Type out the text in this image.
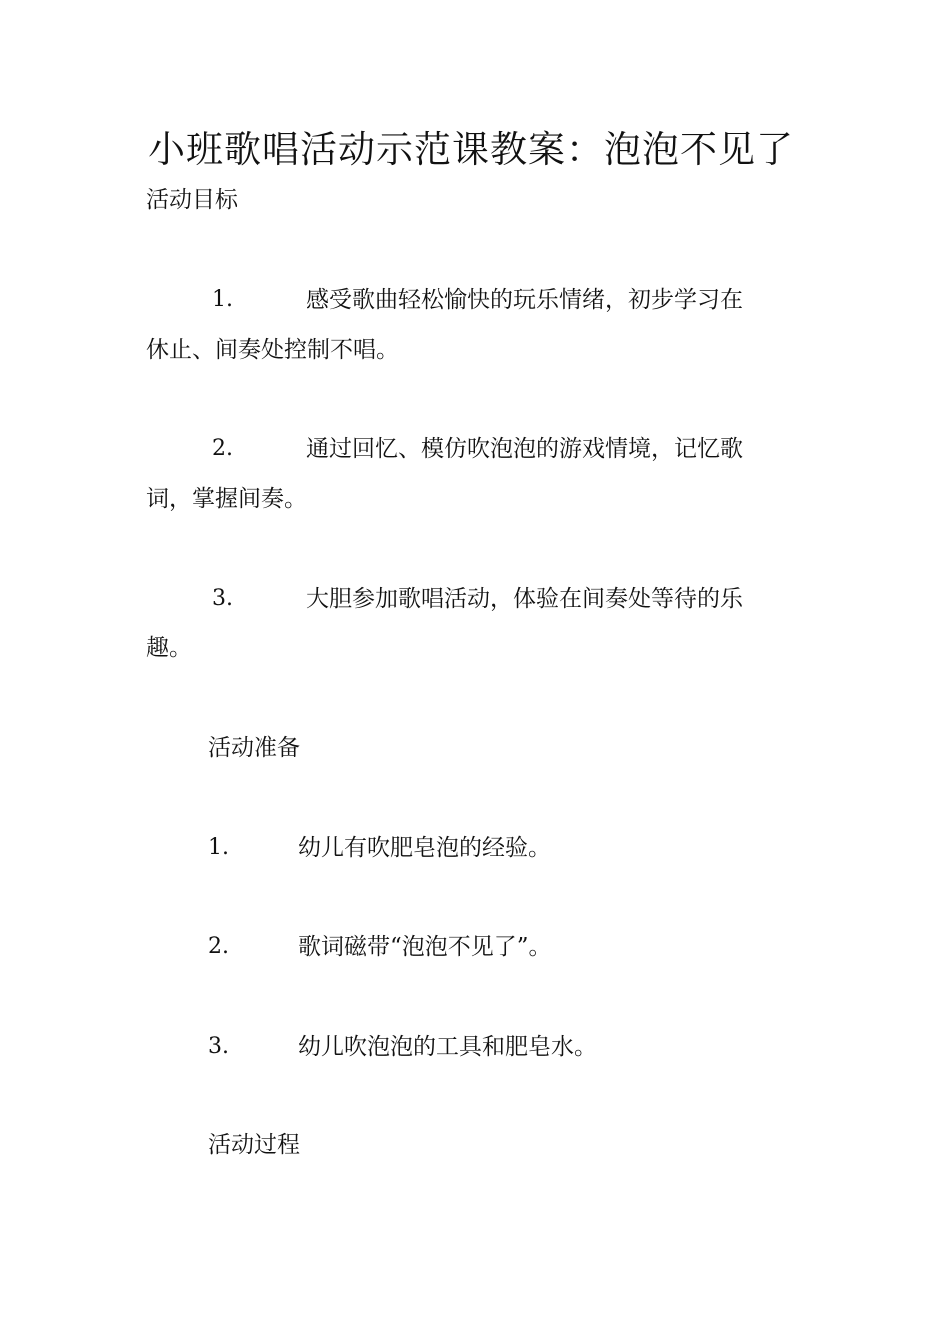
小班歌唱活动示范课教案：泡泡不见了
活动目标
1.	感受歌曲轻松愉快的玩乐情绪，初步学习在
休止、间奏处控制不唱。
2.	通过回忆、模仿吹泡泡的游戏情境，记忆歌
词，掌握间奏。
3.	大胆参加歌唱活动，体验在间奏处等待的乐
趣。
活动准备
1.	幼儿有吹肥皂泡的经验。
2.	歌词磁带“泡泡不见了”。
3.	幼儿吹泡泡的工具和肥皂水。
活动过程
